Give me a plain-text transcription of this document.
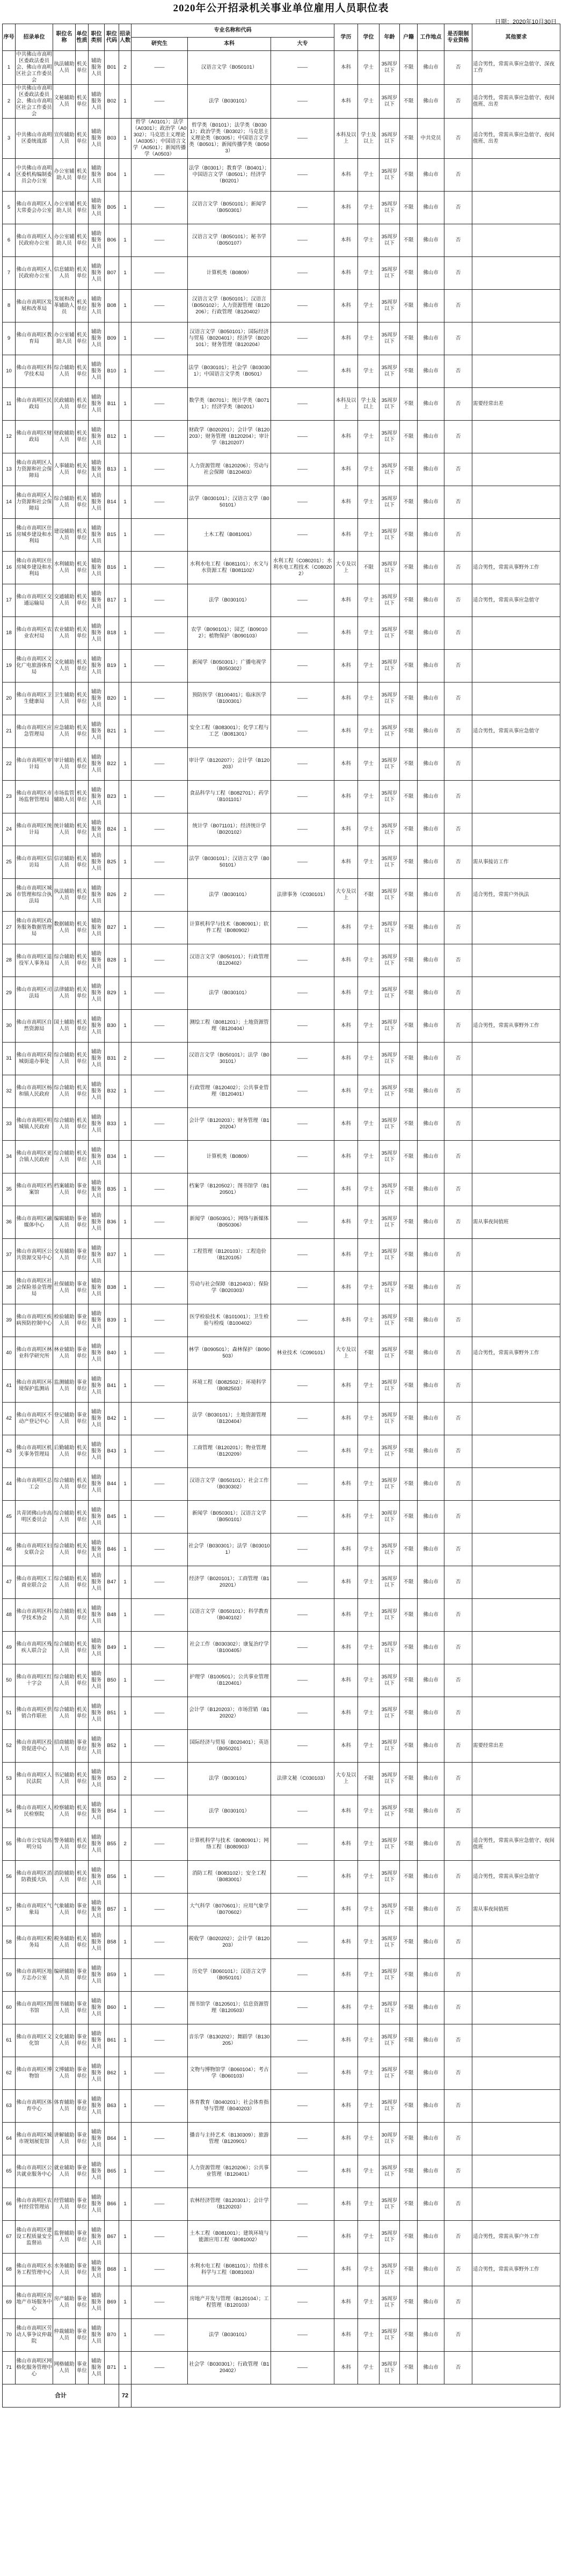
2020年公开招录机关事业单位雇用人员职位表
日期：2020年10月30日
序号	招录单位	职位名称	单位性质	职位类别	职位代码	招录人数	专业名称和代码			学历	学位	年龄	户籍	工作地点	是否限制专业资格	其他要求
							研究生	本科	大专							
1	中共佛山市高明区委政法委员会、佛山市高明区社会工作委员会	执法辅助人员	机关单位	辅助服务人员	B01	2	——	汉语言文学（B050101）	——	本科	学士	35周岁以下	不限	佛山市	否	适合男性，常需从事应急值守、深夜工作
2	中共佛山市高明区委政法委员会、佛山市高明区社会工作委员会	文秘辅助人员	机关单位	辅助服务人员	B02	1	——	法学（B030101）	——	本科	学士	35周岁以下	不限	佛山市	否	适合男性，常需从事应急值守、夜间值班、出差
3	中共佛山市高明区委统战部	宣传辅助人员	机关单位	辅助服务人员	B03	1	哲学（A0101）；法学（A0301）；政治学（A0302）；马克思主义理论（A0305）；中国语言文学（A0501）；新闻传播学（A0503）	哲学类（B0101）；法学类（B0301）；政治学类（B0302）；马克思主义理论类（B0305）；中国语言文学类（B0501）；新闻传播学类（B0503）	——	本科及以上	学士及以上	35周岁以下	不限	中共党员	否	适合男性，常需从事应急值守、夜间值班、出差
4	中共佛山市高明区委机构编制委员会办公室	办公室辅助人员	机关单位	辅助服务人员	B04	1	——	法学（B0301）；教育学（B0401）；中国语言文学（B0501）；经济学（B0201）	——	本科	学士	35周岁以下	不限	佛山市	否	
5	佛山市高明区人大常委会办公室	办公室辅助人员	机关单位	辅助服务人员	B05	1	——	汉语言文学（B050101）；新闻学（B050301）	——	本科	学士	35周岁以下	不限	佛山市	否	
6	佛山市高明区人民政府办公室	办公室辅助人员	机关单位	辅助服务人员	B06	1	——	汉语言文学（B050101）；秘书学（B050107）	——	本科	学士	35周岁以下	不限	佛山市	否	
7	佛山市高明区人民政府办公室	信息辅助人员	机关单位	辅助服务人员	B07	1	——	计算机类（B0809）	——	本科	学士	35周岁以下	不限	佛山市	否	
8	佛山市高明区发展和改革局	发展和改革辅助人员	机关单位	辅助服务人员	B08	1	——	汉语言文学（B050101）；汉语言（B050102）；人力资源管理（B120206）；行政管理（B120402）	——	本科	学士	35周岁以下	不限	佛山市	否	
9	佛山市高明区教育局	办公室辅助人员	机关单位	辅助服务人员	B09	1	——	汉语言文学（B050101）；国际经济与贸易（B020401）；经济学（B020101）；财务管理（B120204）	——	本科	学士	35周岁以下	不限	佛山市	否	
10	佛山市高明区科学技术局	综合辅助人员	机关单位	辅助服务人员	B10	1	——	法学（B030101）；社会学（B030301）；中国语言文学类（B0501）	——	本科	学士	35周岁以下	不限	佛山市	否	
11	佛山市高明区民政局	民政辅助人员	机关单位	辅助服务人员	B11	1	——	数学类（B0701）；统计学类（B0711）；经济学类（B0201）	——	本科及以上	学士及以上	35周岁以下	不限	佛山市	否	需要经常出差
12	佛山市高明区财政局	财政辅助人员	机关单位	辅助服务人员	B12	1	——	财政学（B020201）；会计学（B120203）；财务管理（B120204）；审计学（B120207）	——	本科	学士	35周岁以下	不限	佛山市	否	
13	佛山市高明区人力资源和社会保障局	人事辅助人员	机关单位	辅助服务人员	B13	1	——	人力资源管理（B120206）；劳动与社会保障（B120403）	——	本科	学士	35周岁以下	不限	佛山市	否	
14	佛山市高明区人力资源和社会保障局	综合辅助人员	机关单位	辅助服务人员	B14	1	——	法学（B030101）；汉语言文学（B050101）	——	本科	学士	35周岁以下	不限	佛山市	否	
15	佛山市高明区住房城乡建设和水利局	建设辅助人员	机关单位	辅助服务人员	B15	1	——	土木工程（B081001）	——	本科	学士	35周岁以下	不限	佛山市	否	
16	佛山市高明区住房城乡建设和水利局	水利辅助人员	机关单位	辅助服务人员	B16	1	——	水利水电工程（B081101）；水文与水资源工程（B081102）	水利工程（C080201）；水利水电工程技术（C080202）	大专及以上	不限	35周岁以下	不限	佛山市	否	适合男性，常需从事野外工作
17	佛山市高明区交通运输局	交通辅助人员	机关单位	辅助服务人员	B17	1	——	法学（B030101）	——	本科	学士	35周岁以下	不限	佛山市	否	适合男性，常需从事应急值守
18	佛山市高明区农业农村局	农业辅助人员	机关单位	辅助服务人员	B18	1	——	农学（B090101）；园艺（B090102）；植物保护（B090103）	——	本科	学士	35周岁以下	不限	佛山市	否	
19	佛山市高明区文化广电旅游体育局	文化辅助人员	机关单位	辅助服务人员	B19	1	——	新闻学（B050301）；广播电视学（B050302）	——	本科	学士	35周岁以下	不限	佛山市	否	
20	佛山市高明区卫生健康局	卫生辅助人员	机关单位	辅助服务人员	B20	1	——	预防医学（B100401）；临床医学（B100301）	——	本科	学士	35周岁以下	不限	佛山市	否	
21	佛山市高明区应急管理局	应急辅助人员	机关单位	辅助服务人员	B21	1	——	安全工程（B083001）；化学工程与工艺（B081301）	——	本科	学士	35周岁以下	不限	佛山市	否	适合男性，常需从事应急值守
22	佛山市高明区审计局	审计辅助人员	机关单位	辅助服务人员	B22	1	——	审计学（B120207）；会计学（B120203）	——	本科	学士	35周岁以下	不限	佛山市	否	
23	佛山市高明区市场监督管理局	市场监管辅助人员	机关单位	辅助服务人员	B23	1	——	食品科学与工程（B082701）；药学（B101101）	——	本科	学士	35周岁以下	不限	佛山市	否	
24	佛山市高明区统计局	统计辅助人员	机关单位	辅助服务人员	B24	1	——	统计学（B071101）；经济统计学（B020102）	——	本科	学士	35周岁以下	不限	佛山市	否	
25	佛山市高明区信访局	信访辅助人员	机关单位	辅助服务人员	B25	1	——	法学（B030101）；汉语言文学（B050101）	——	本科	学士	35周岁以下	不限	佛山市	否	需从事接访工作
26	佛山市高明区城市管理和综合执法局	执法辅助人员	机关单位	辅助服务人员	B26	2	——	法学（B030101）	法律事务（C030101）	大专及以上	不限	35周岁以下	不限	佛山市	否	适合男性，常需户外执法
27	佛山市高明区政务服务数据管理局	数据辅助人员	机关单位	辅助服务人员	B27	1	——	计算机科学与技术（B080901）；软件工程（B080902）	——	本科	学士	35周岁以下	不限	佛山市	否	
28	佛山市高明区退役军人事务局	综合辅助人员	机关单位	辅助服务人员	B28	1	——	汉语言文学（B050101）；行政管理（B120402）	——	本科	学士	35周岁以下	不限	佛山市	否	
29	佛山市高明区司法局	法律辅助人员	机关单位	辅助服务人员	B29	1	——	法学（B030101）	——	本科	学士	35周岁以下	不限	佛山市	否	
30	佛山市高明区自然资源局	国土辅助人员	机关单位	辅助服务人员	B30	1	——	测绘工程（B081201）；土地资源管理（B120404）	——	本科	学士	35周岁以下	不限	佛山市	否	适合男性，常需从事野外工作
31	佛山市高明区荷城街道办事处	综合辅助人员	机关单位	辅助服务人员	B31	2	——	汉语言文学（B050101）；法学（B030101）	——	本科	学士	35周岁以下	不限	佛山市	否	
32	佛山市高明区杨和镇人民政府	综合辅助人员	机关单位	辅助服务人员	B32	1	——	行政管理（B120402）；公共事业管理（B120401）	——	本科	学士	35周岁以下	不限	佛山市	否	
33	佛山市高明区明城镇人民政府	综合辅助人员	机关单位	辅助服务人员	B33	1	——	会计学（B120203）；财务管理（B120204）	——	本科	学士	35周岁以下	不限	佛山市	否	
34	佛山市高明区更合镇人民政府	综合辅助人员	机关单位	辅助服务人员	B34	1	——	计算机类（B0809）	——	本科	学士	35周岁以下	不限	佛山市	否	
35	佛山市高明区档案馆	档案辅助人员	事业单位	辅助服务人员	B35	1	——	档案学（B120502）；图书馆学（B120501）	——	本科	学士	35周岁以下	不限	佛山市	否	
36	佛山市高明区融媒体中心	编辑辅助人员	事业单位	辅助服务人员	B36	1	——	新闻学（B050301）；网络与新媒体（B050306）	——	本科	学士	35周岁以下	不限	佛山市	否	需从事夜间值班
37	佛山市高明区公共资源交易中心	交易辅助人员	事业单位	辅助服务人员	B37	1	——	工程管理（B120103）；工程造价（B120105）	——	本科	学士	35周岁以下	不限	佛山市	否	
38	佛山市高明区社会保险基金管理局	社保辅助人员	事业单位	辅助服务人员	B38	1	——	劳动与社会保障（B120403）；保险学（B020303）	——	本科	学士	35周岁以下	不限	佛山市	否	
39	佛山市高明区疾病预防控制中心	检验辅助人员	事业单位	辅助服务人员	B39	1	——	医学检验技术（B101001）；卫生检验与检疫（B100402）	——	本科	学士	35周岁以下	不限	佛山市	否	
40	佛山市高明区林业科学研究所	林业辅助人员	事业单位	辅助服务人员	B40	1	——	林学（B090501）；森林保护（B090503）	林业技术（C090101）	大专及以上	不限	35周岁以下	不限	佛山市	否	适合男性，常需从事野外工作
41	佛山市高明区环境保护监测站	监测辅助人员	事业单位	辅助服务人员	B41	1	——	环境工程（B082502）；环境科学（B082503）	——	本科	学士	35周岁以下	不限	佛山市	否	
42	佛山市高明区不动产登记中心	登记辅助人员	事业单位	辅助服务人员	B42	1	——	法学（B030101）；土地资源管理（B120404）	——	本科	学士	35周岁以下	不限	佛山市	否	
43	佛山市高明区机关事务管理局	后勤辅助人员	机关单位	辅助服务人员	B43	1	——	工商管理（B120201）；物业管理（B120209）	——	本科	学士	35周岁以下	不限	佛山市	否	
44	佛山市高明区总工会	综合辅助人员	机关单位	辅助服务人员	B44	1	——	汉语言文学（B050101）；社会工作（B030302）	——	本科	学士	35周岁以下	不限	佛山市	否	
45	共青团佛山市高明区委员会	综合辅助人员	机关单位	辅助服务人员	B45	1	——	新闻学（B050301）；汉语言文学（B050101）	——	本科	学士	30周岁以下	不限	佛山市	否	
46	佛山市高明区妇女联合会	综合辅助人员	机关单位	辅助服务人员	B46	1	——	社会学（B030301）；法学（B030101）	——	本科	学士	35周岁以下	不限	佛山市	否	
47	佛山市高明区工商业联合会	综合辅助人员	机关单位	辅助服务人员	B47	1	——	经济学（B020101）；工商管理（B120201）	——	本科	学士	35周岁以下	不限	佛山市	否	
48	佛山市高明区科学技术协会	综合辅助人员	机关单位	辅助服务人员	B48	1	——	汉语言文学（B050101）；科学教育（B040102）	——	本科	学士	35周岁以下	不限	佛山市	否	
49	佛山市高明区残疾人联合会	综合辅助人员	机关单位	辅助服务人员	B49	1	——	社会工作（B030302）；康复治疗学（B100405）	——	本科	学士	35周岁以下	不限	佛山市	否	
50	佛山市高明区红十字会	综合辅助人员	机关单位	辅助服务人员	B50	1	——	护理学（B100501）；公共事业管理（B120401）	——	本科	学士	35周岁以下	不限	佛山市	否	
51	佛山市高明区供销合作联社	综合辅助人员	机关单位	辅助服务人员	B51	1	——	会计学（B120203）；市场营销（B120202）	——	本科	学士	35周岁以下	不限	佛山市	否	
52	佛山市高明区投资促进中心	招商辅助人员	事业单位	辅助服务人员	B52	1	——	国际经济与贸易（B020401）；英语（B050201）	——	本科	学士	35周岁以下	不限	佛山市	否	需要经常出差
53	佛山市高明区人民法院	书记辅助人员	机关单位	辅助服务人员	B53	2	——	法学（B030101）	法律文秘（C030103）	大专及以上	不限	35周岁以下	不限	佛山市	否	
54	佛山市高明区人民检察院	检察辅助人员	机关单位	辅助服务人员	B54	1	——	法学（B030101）	——	本科	学士	35周岁以下	不限	佛山市	否	
55	佛山市公安局高明分局	警务辅助人员	机关单位	辅助服务人员	B55	2	——	计算机科学与技术（B080901）；网络工程（B080903）	——	本科	学士	35周岁以下	不限	佛山市	否	适合男性，常需从事应急值守、夜间值班
56	佛山市高明区消防救援大队	消防辅助人员	机关单位	辅助服务人员	B56	1	——	消防工程（B083102）；安全工程（B083001）	——	本科	学士	35周岁以下	不限	佛山市	否	适合男性，常需从事应急值守
57	佛山市高明区气象局	气象辅助人员	事业单位	辅助服务人员	B57	1	——	大气科学（B070601）；应用气象学（B070602）	——	本科	学士	35周岁以下	不限	佛山市	否	需从事夜间值班
58	佛山市高明区税务局	税务辅助人员	机关单位	辅助服务人员	B58	1	——	税收学（B020202）；会计学（B120203）	——	本科	学士	35周岁以下	不限	佛山市	否	
59	佛山市高明区地方志办公室	编研辅助人员	事业单位	辅助服务人员	B59	1	——	历史学（B060101）；汉语言文学（B050101）	——	本科	学士	35周岁以下	不限	佛山市	否	
60	佛山市高明区图书馆	图书辅助人员	事业单位	辅助服务人员	B60	1	——	图书馆学（B120501）；信息资源管理（B120503）	——	本科	学士	35周岁以下	不限	佛山市	否	
61	佛山市高明区文化馆	文化辅助人员	事业单位	辅助服务人员	B61	1	——	音乐学（B130202）；舞蹈学（B130205）	——	本科	学士	35周岁以下	不限	佛山市	否	
62	佛山市高明区博物馆	文博辅助人员	事业单位	辅助服务人员	B62	1	——	文物与博物馆学（B060104）；考古学（B060103）	——	本科	学士	35周岁以下	不限	佛山市	否	
63	佛山市高明区体育中心	体育辅助人员	事业单位	辅助服务人员	B63	1	——	体育教育（B040201）；社会体育指导与管理（B040203）	——	本科	学士	35周岁以下	不限	佛山市	否	
64	佛山市高明区城市规划展览馆	讲解辅助人员	事业单位	辅助服务人员	B64	1	——	播音与主持艺术（B130309）；旅游管理（B120901）	——	本科	学士	30周岁以下	不限	佛山市	否	
65	佛山市高明区公共就业服务中心	就业辅助人员	事业单位	辅助服务人员	B65	1	——	人力资源管理（B120206）；公共事业管理（B120401）	——	本科	学士	35周岁以下	不限	佛山市	否	
66	佛山市高明区农村经营管理站	经管辅助人员	事业单位	辅助服务人员	B66	1	——	农林经济管理（B120301）；会计学（B120203）	——	本科	学士	35周岁以下	不限	佛山市	否	
67	佛山市高明区建设工程质量安全监督站	监督辅助人员	事业单位	辅助服务人员	B67	1	——	土木工程（B081001）；建筑环境与能源应用工程（B081002）	——	本科	学士	35周岁以下	不限	佛山市	否	适合男性，常需从事户外工作
68	佛山市高明区水务工程管理中心	水务辅助人员	事业单位	辅助服务人员	B68	1	——	水利水电工程（B081101）；给排水科学与工程（B081003）	——	本科	学士	35周岁以下	不限	佛山市	否	适合男性，常需从事野外工作
69	佛山市高明区房地产市场服务中心	房产辅助人员	事业单位	辅助服务人员	B69	1	——	房地产开发与管理（B120104）；工程管理（B120103）	——	本科	学士	35周岁以下	不限	佛山市	否	
70	佛山市高明区劳动人事争议仲裁院	仲裁辅助人员	事业单位	辅助服务人员	B70	1	——	法学（B030101）	——	本科	学士	35周岁以下	不限	佛山市	否	
71	佛山市高明区网格化服务管理中心	网格辅助人员	事业单位	辅助服务人员	B71	1	——	社会学（B030301）；行政管理（B120402）	——	本科	学士	35周岁以下	不限	佛山市	否	
合计						72										
